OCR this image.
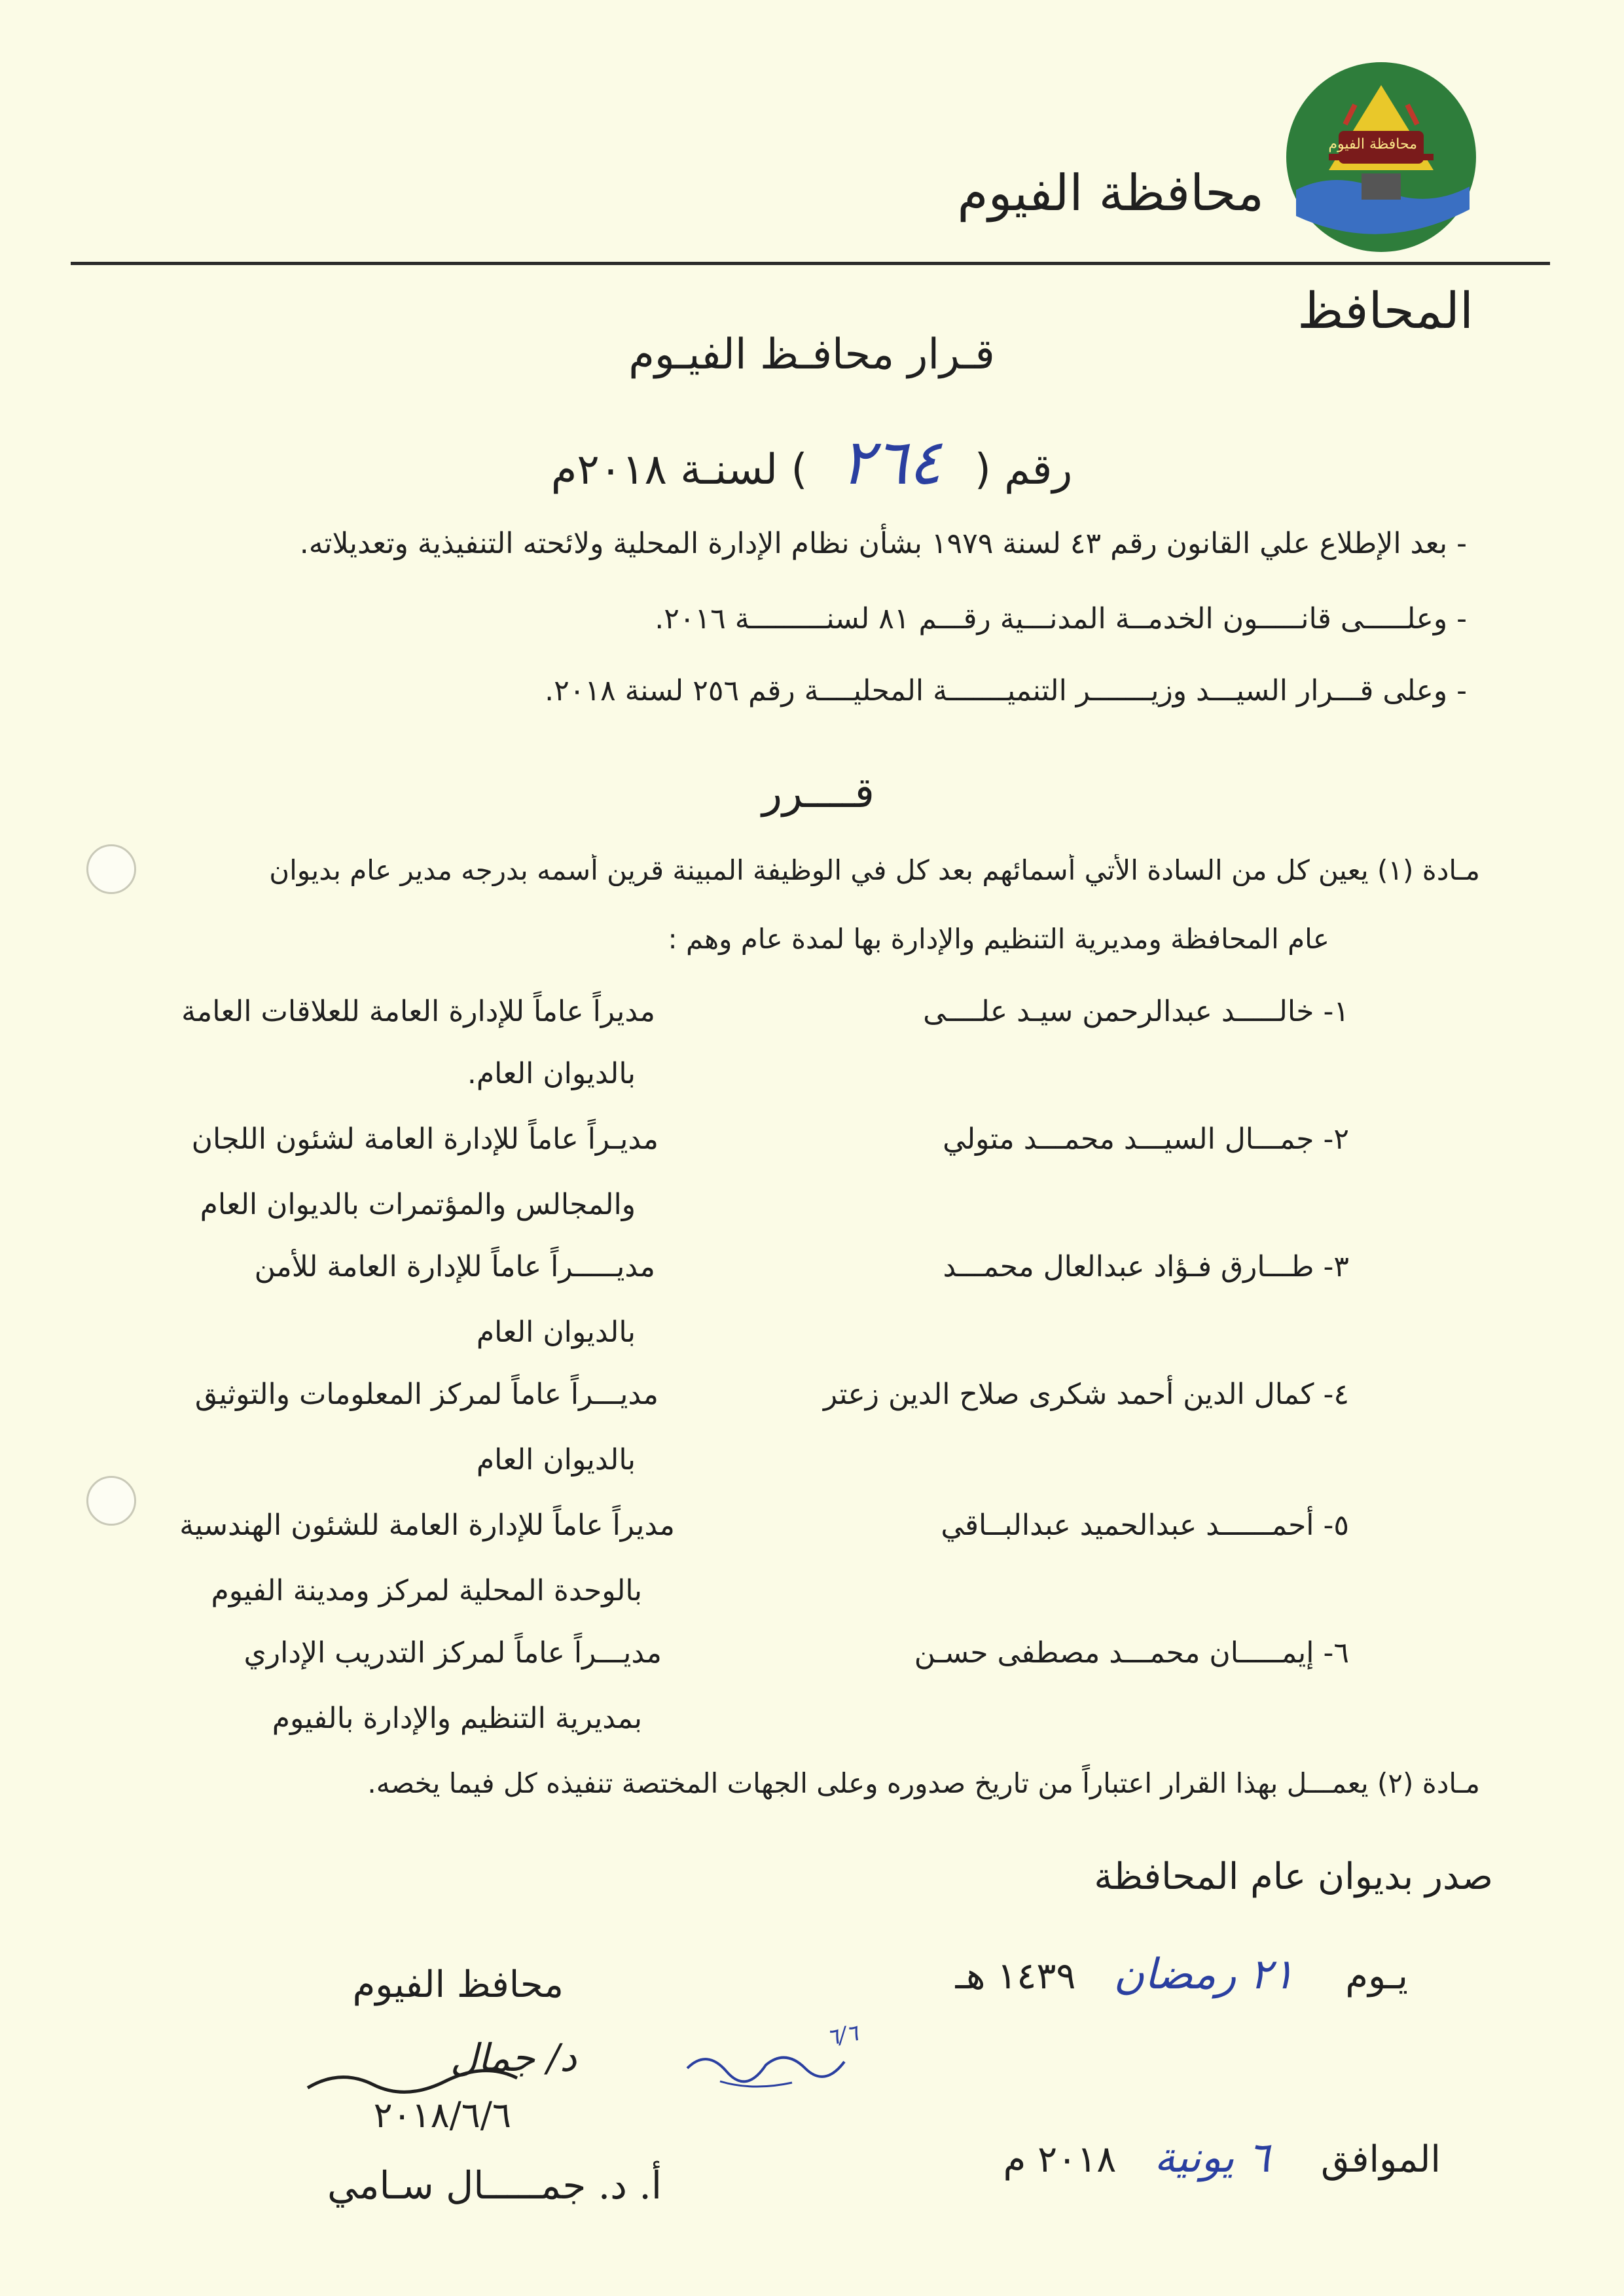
محافظة الفيوم
محافظة الفيوم
المحافظ
قـرار محافـظ الفيـوم
رقم ( ٢٦٤ ) لسنـة ٢٠١٨م
- بعد الإطلاع علي القانون رقم ٤٣ لسنة ١٩٧٩ بشأن نظام الإدارة المحلية ولائحته التنفيذية وتعديلاته.
- وعلـــــى قانـــــون الخدمــة المدنـــية رقـــم ٨١ لسنـــــــــة ٢٠١٦.
- وعلى قـــرار السيـــد وزيـــــــر التنميـــــــة المحليــــة رقم ٢٥٦ لسنة ٢٠١٨.
قــــرر
مـادة (١) يعين كل من السادة الأتي أسمائهم بعد كل في الوظيفة المبينة قرين أسمه بدرجه مدير عام بديوان
عام المحافظة ومديرية التنظيم والإدارة بها لمدة عام وهم :
١- خالـــــد عبدالرحمن سيـد علــــى
مديراً عاماً للإدارة العامة للعلاقات العامة
بالديوان العام.
٢- جمـــال السيـــد محمـــد متولي
مديـراً عاماً للإدارة العامة لشئون اللجان
والمجالس والمؤتمرات بالديوان العام
٣- طـــارق فـؤاد عبدالعال محمـــد
مديـــــراً عاماً للإدارة العامة للأمن
بالديوان العام
٤- كمال الدين أحمد شكرى صلاح الدين زعتر
مديـــراً عاماً لمركز المعلومات والتوثيق
بالديوان العام
٥- أحمــــــد عبدالحميد عبدالبــاقي
مديراً عاماً للإدارة العامة للشئون الهندسية
بالوحدة المحلية لمركز ومدينة الفيوم
٦- إيمـــــان محمـــد مصطفى حسـن
مديـــراً عاماً لمركز التدريب الإداري
بمديرية التنظيم والإدارة بالفيوم
مـادة (٢) يعمـــل بهذا القرار اعتباراً من تاريخ صدوره وعلى الجهات المختصة تنفيذه كل فيما يخصه.
صدر بديوان عام المحافظة
يـوم ٢١ رمضان ١٤٣٩ هـ
الموافق ٦ يونية ٢٠١٨ م
محافظ الفيوم
د/ جمال
٢٠١٨/٦/٦
٦/٦
أ. د. جمـــــال سـامي
